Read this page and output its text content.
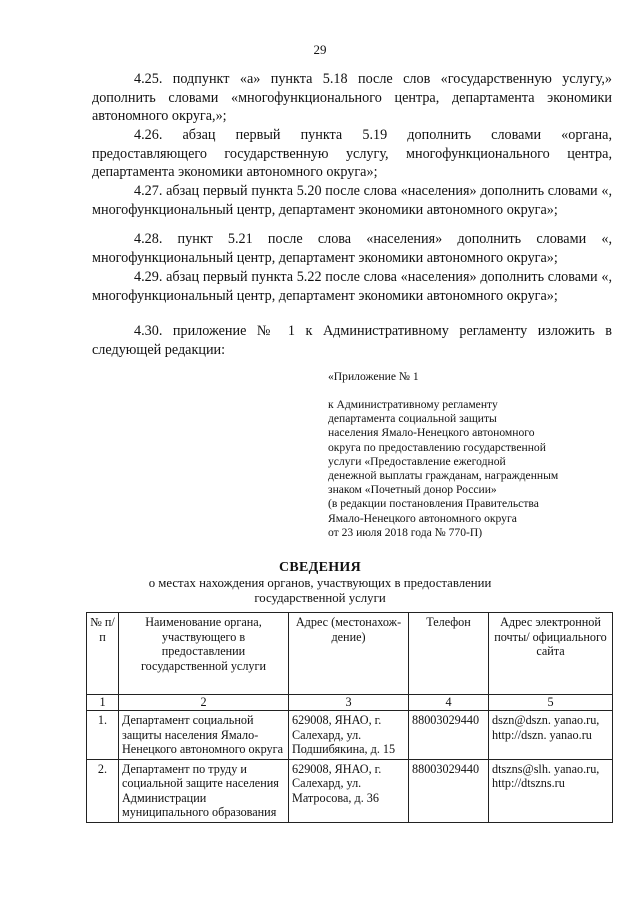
29

4.25. подпункт «а» пункта 5.18 после слов «государственную услугу,» дополнить словами «многофункционального центра, департамента экономики автономного округа,»;

4.26. абзац первый пункта 5.19 дополнить словами «органа, предоставляющего государственную услугу, многофункционального центра, департамента экономики автономного округа»;

4.27. абзац первый пункта 5.20 после слова «населения» дополнить словами «, многофункциональный центр, департамент экономики автономного округа»;

4.28. пункт 5.21 после слова «населения» дополнить словами «, многофункциональный центр, департамент экономики автономного округа»;

4.29. абзац первый пункта 5.22 после слова «населения» дополнить словами «, многофункциональный центр, департамент экономики автономного округа»;

4.30. приложение № 1 к Административному регламенту изложить в следующей редакции:

«Приложение № 1
к Административному регламенту
департамента социальной защиты
населения Ямало-Ненецкого автономного
округа по предоставлению государственной
услуги «Предоставление ежегодной
денежной выплаты гражданам, награжденным
знаком «Почетный донор России»
(в редакции постановления Правительства
Ямало-Ненецкого автономного округа
от 23 июля 2018 года № 770-П)
СВЕДЕНИЯ
о местах нахождения органов, участвующих в предоставлении
государственной услуги
№ п/п	Наименование органа, участвующего в предоставлении государственной услуги	Адрес (местонахож- дение)	Телефон	Адрес электронной почты/ официального сайта
1	2	3	4	5
1.	Департамент социальной защиты населения Ямало-Ненецкого автономного округа	629008, ЯНАО, г. Салехард, ул. Подшибякина, д. 15	88003029440	dszn@dszn. yanao.ru, http://dszn. yanao.ru
2.	Департамент по труду и социальной защите населения Администрации муниципального образования	629008, ЯНАО, г. Салехард, ул. Матросова, д. 36	88003029440	dtszns@slh. yanao.ru, http://dtszns.ru
